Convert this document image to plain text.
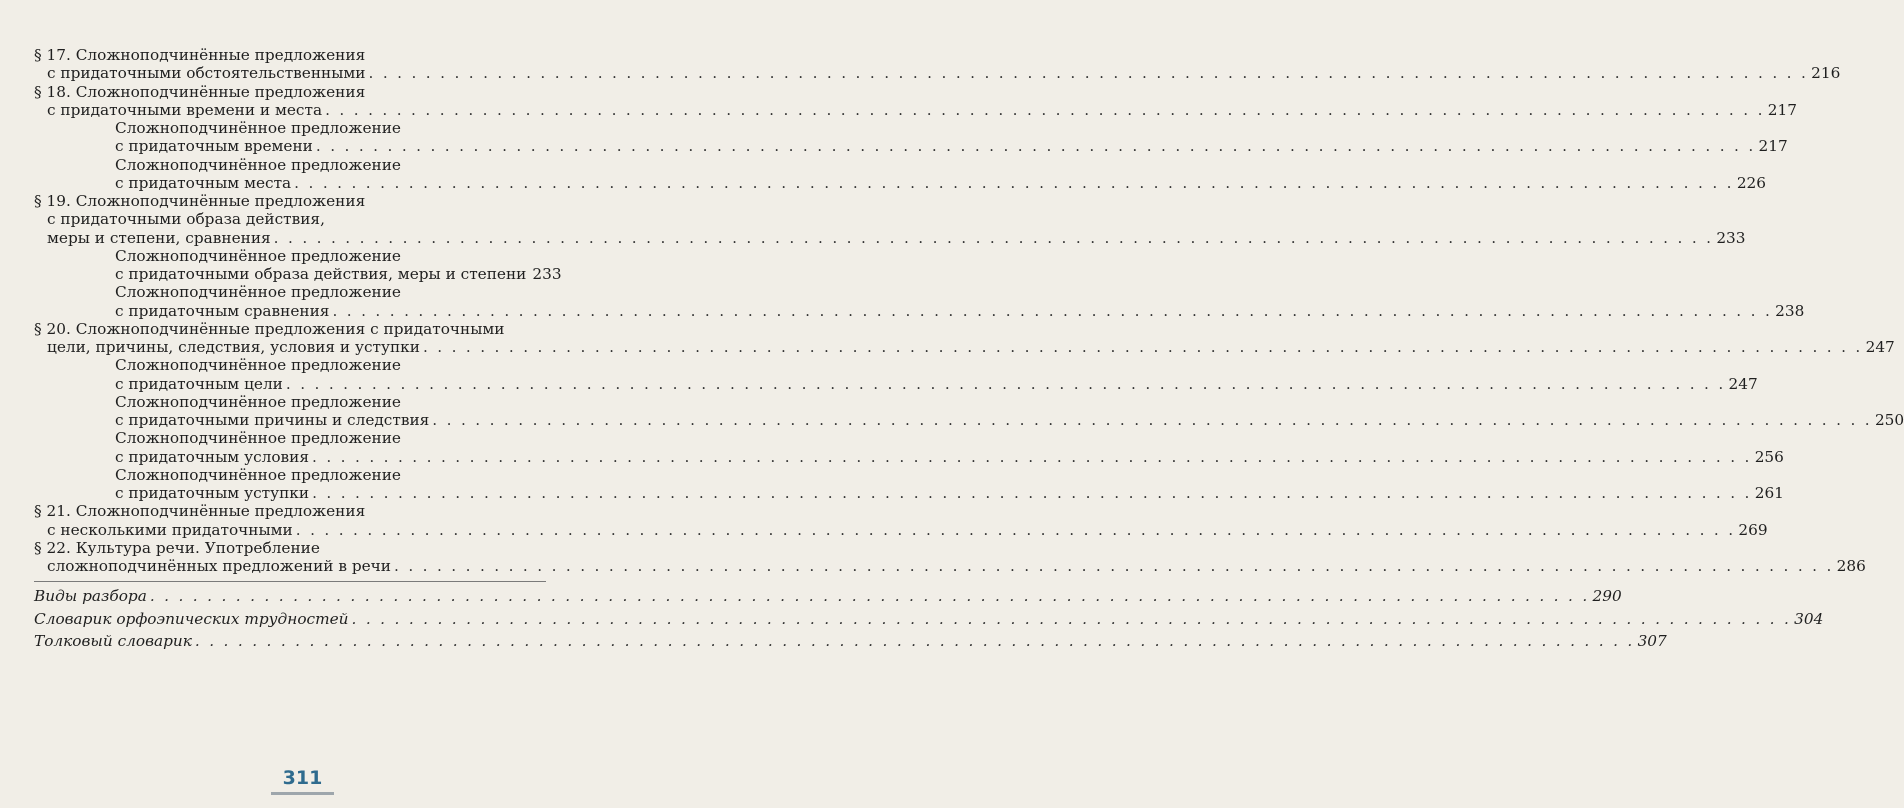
§ 17. Сложноподчинённые предложения
с придаточными обстоятельственными . . .	216
§ 18. Сложноподчинённые предложения
с придаточными времени и места . . .	217
Сложноподчинённое предложение
с придаточным времени . . .	217
Сложноподчинённое предложение
с придаточным места . . .	226
§ 19. Сложноподчинённые предложения
с придаточными образа действия,
меры и степени, сравнения . . .	233
Сложноподчинённое предложение
с придаточными образа действия, меры и степени 233
Сложноподчинённое предложение
с придаточным сравнения . . .	238
§ 20. Сложноподчинённые предложения с придаточными
цели, причины, следствия, условия и уступки . . .	247
Сложноподчинённое предложение
с придаточным цели . . .	247
Сложноподчинённое предложение
с придаточными причины и следствия . . .	250
Сложноподчинённое предложение
с придаточным условия . . .	256
Сложноподчинённое предложение
с придаточным уступки . . .	261
§ 21. Сложноподчинённые предложения
с несколькими придаточными . . .	269
§ 22. Культура речи. Употребление
сложноподчинённых предложений в речи . . .	286
Виды разбора . . .	290
Словарик орфоэпических трудностей . . .	304
Толковый словарик . . .	307
311
